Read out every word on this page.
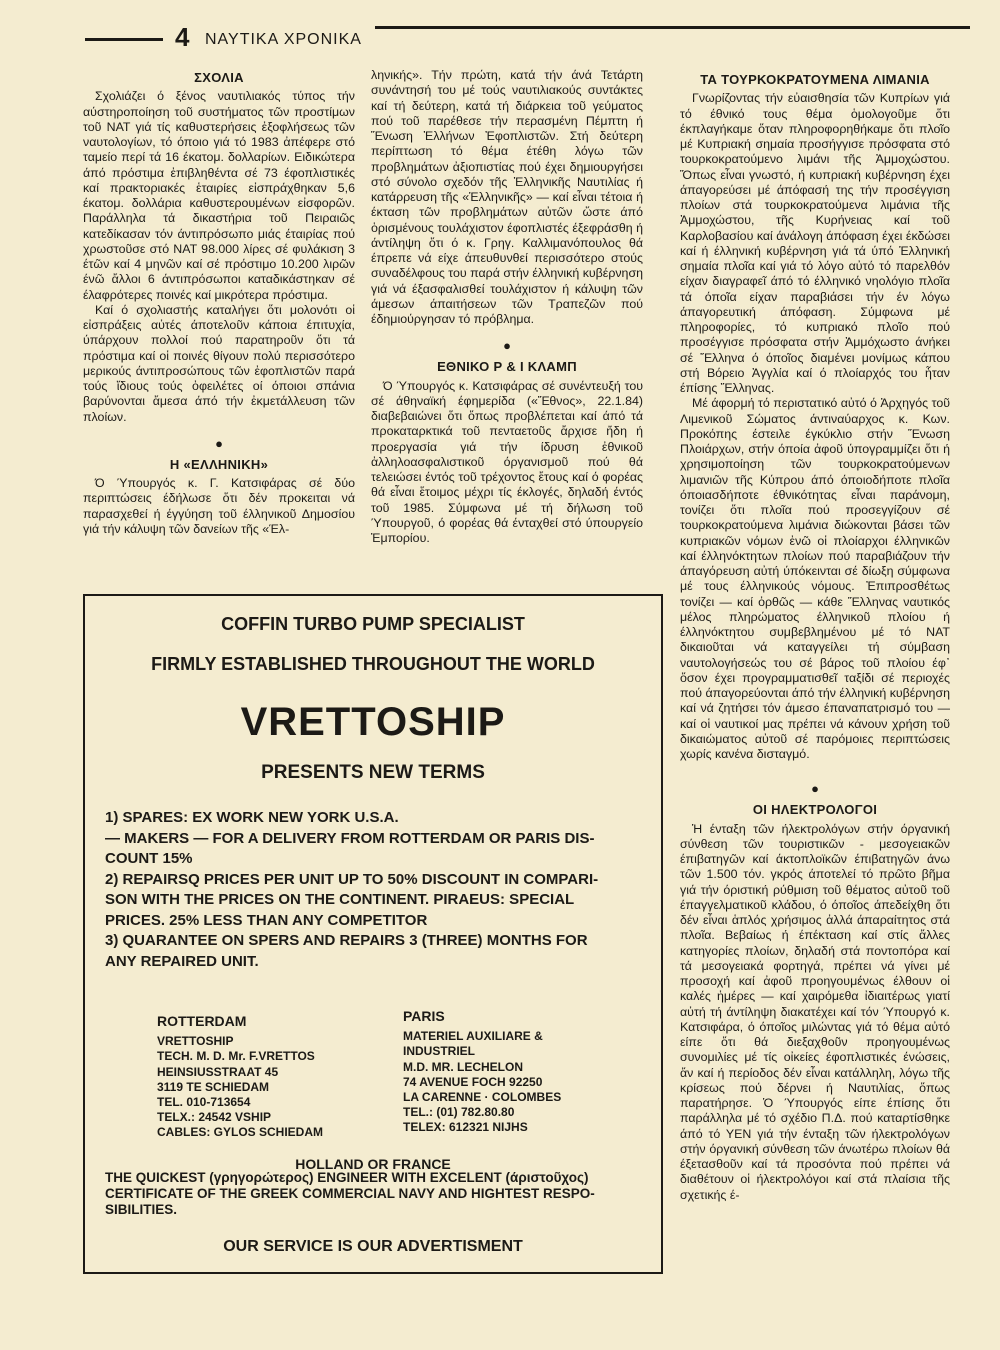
4 ΝΑΥΤΙΚΑ ΧΡΟΝΙΚΑ
ΣΧΟΛΙΑ

Σχολιάζει ό ξένος ναυτιλιακός τύπος τήν αύστηροποίηση τοῦ συστήματος τῶν προστίμων τοῦ ΝΑΤ γιά τίς καθυστερήσεις ἐξοφλήσεως τῶν ναυτολογίων, τό όποιο γιά τό 1983 ἀπέφερε στό ταμείο περί τά 16 έκατομ. δολλαρίων. Ειδικώτερα άπό πρόστιμα ἐπιβληθέντα σέ 73 έφοπλιστικές καί πρακτοριακές ἑταιρίες εἰσπράχθηκαν 5,6 έκατομ. δολλάρια καθυστερουμένων εἰσφορῶν. Παράλληλα τά δικαστήρια τοῦ Πειραιῶς κατεδίκασαν τόν άντιπρόσωπο μιάς έταιρίας πού χρωστοῦσε στό ΝΑΤ 98.000 λίρες σέ φυλάκιση 3 έτῶν καί 4 μηνῶν καί σέ πρόστιμο 10.200 λιρῶν ένῶ ἄλλοι 6 άντιπρόσωποι καταδικάστηκαν σέ έλαφρότερες ποινές καί μικρότερα πρόστιμα.

Καί ό σχολιαστής καταλήγει ὅτι μολονότι οἱ εἰσπράξεις αὐτές άποτελοῦν κάποια έπιτυχία, ύπάρχουν πολλοί πού παρατηροῦν ὅτι τά πρόστιμα καί οἱ ποινές θίγουν πολύ περισσότερο μερικούς άντιπροσώπους τῶν ἐφοπλιστῶν παρά τούς ἴδιους τούς ὀφειλέτες οί όποιοι σπάνια βαρύνονται ἄμεσα άπό τήν ἐκμετάλλευση τῶν πλοίων.

●
Η «ΕΛΛΗΝΙΚΗ»

Ό Ύπουργός κ. Γ. Κατσιφάρας σέ δύο περιπτώσεις έδήλωσε ὅτι δέν προκειται νά παρασχεθεί ή έγγύηση τοῦ έλληνικοῦ Δημοσίου γιά τήν κάλυψη τῶν δανείων τῆς «Έλ-

ληνικής». Τήν πρώτη, κατά τήν άνά Τετάρτη συνάντησή του μέ τούς ναυτιλιακούς συντάκτες καί τή δεύτερη, κατά τή διάρκεια τοῦ γεύματος πού τοῦ παρέθεσε τήν περασμένη Πέμπτη ή Ἕνωση Ἑλλήνων Ἐφοπλιστῶν. Στή δεύτερη περίπτωση τό θέμα έτέθη λόγω τῶν προβλημάτων ἀξιοπιστίας πού έχει δημιουργήσει στό σύνολο σχεδόν τῆς Ἑλληνικῆς Ναυτιλίας ή κατάρρευση τῆς «Ἑλληνικῆς» — καί εἶναι τέτοια ή έκταση τῶν προβλημάτων αὐτῶν ὥστε άπό ὁρισμένους τουλάχιστον έφοπλιστές έξεφράσθη ή άντίληψη ὅτι ό κ. Γρηγ. Καλλιμανόπουλος θά έπρεπε νά είχε άπευθυνθεί περισσότερο στούς συναδέλφους του παρά στήν έλληνική κυβέρνηση γιά νά έξασφαλισθεί τουλάχιστον ή κάλυψη τῶν άμεσων άπαιτήσεων τῶν Τραπεζῶν πού έδημιούργησαν τό πρόβλημα.

●
ΕΘΝΙΚΟ Ρ & Ι ΚΛΑΜΠ

Ό Ύπουργός κ. Κατσιφάρας σέ συνέντευξή του σέ άθηναϊκή έφημερίδα («Ἔθνος», 22.1.84) διαβεβαιώνει ὅτι ὅπως προβλέπεται καί άπό τά προκαταρκτικά τοῦ πενταετοῦς ἄρχισε ἤδη ή προεργασία γιά τήν ίδρυση ἐθνικοῦ ἀλληλοασφαλιστικοῦ όργανισμοῦ πού θά τελειώσει έντός τοῦ τρέχοντος ἔτους καί ό φορέας θά εἶναι ἕτοιμος μέχρι τίς έκλογές, δηλαδή έντός τοῦ 1985. Σύμφωνα μέ τή δήλωση τοῦ Ύπουργοῦ, ό φορέας θά ένταχθεί στό ύπουργείο Ἐμπορίου.

ΤΑ ΤΟΥΡΚΟΚΡΑΤΟΥΜΕΝΑ ΛΙΜΑΝΙΑ

Γνωρίζοντας τήν εὐαισθησία τῶν Κυπρίων γιά τό έθνικό τους θέμα ὁμολογοῦμε ὅτι έκπλαγήκαμε ὅταν πληροφορηθήκαμε ὅτι πλοῖο μέ Κυπριακή σημαία προσήγγισε πρόσφατα στό τουρκοκρατούμενο λιμάνι τῆς Ἀμμοχώστου. Ὅπως εἶναι γνωστό, ή κυπριακή κυβέρνηση έχει άπαγορεύσει μέ άπόφασή της τήν προσέγγιση πλοίων στά τουρκοκρατούμενα λιμάνια τῆς Ἀμμοχώστου, τῆς Κυρήνειας καί τοῦ Καρλοβασίου καί άνάλογη άπόφαση έχει έκδώσει καί ή έλληνική κυβέρνηση γιά τά ύπό Ἑλληνική σημαία πλοῖα καί γιά τό λόγο αὐτό τό παρελθόν είχαν διαγραφεῖ άπό τό έλληνικό νηολόγιο πλοῖα τά όποῖα είχαν παραβιάσει τήν έν λόγω άπαγορευτική άπόφαση. Σύμφωνα μέ πληροφορίες, τό κυπριακό πλοῖο πού προσέγγισε πρόσφατα στήν Ἀμμόχωστο άνήκει σέ Ἕλληνα ό όποῖος διαμένει μονίμως κάπου στή Βόρειο Ἀγγλία καί ό πλοίαρχός του ἦταν έπίσης Ἕλληνας.

Μέ άφορμή τό περιστατικό αὐτό ό Ἀρχηγός τοῦ Λιμενικοῦ Σώματος άντιναύαρχος κ. Κων. Προκόπης έστειλε έγκύκλιο στήν Ἕνωση Πλοιάρχων, στήν όποία ἀφοῦ ύπογραμμίζει ὅτι ή χρησιμοποίηση τῶν τουρκοκρατούμενων λιμανιῶν τῆς Κύπρου άπό όποιοδήποτε πλοῖα όποιασδήποτε έθνικότητας εἶναι παράνομη, τονίζει ὅτι πλοῖα πού προσεγγίζουν σέ τουρκοκρατούμενα λιμάνια διώκονται βάσει τῶν κυπριακῶν νόμων ἐνῶ οἱ πλοίαρχοι έλληνικῶν καί έλληνόκτητων πλοίων πού παραβιάζουν τήν άπαγόρευση αὐτή ύπόκεινται σέ δίωξη σύμφωνα μέ τους έλληνικούς νόμους. Ἐπιπροσθέτως τονίζει — καί ὀρθῶς — κάθε Ἕλληνας ναυτικός μέλος πληρώματος έλληνικοῦ πλοίου ή έλληνόκτητου συμβεβλημένου μέ τό ΝΑΤ δικαιοῦται νά καταγγείλει τή σύμβαση ναυτολογήσεώς του σέ βάρος τοῦ πλοίου έφ᾽ ὅσον έχει προγραμματισθεῖ ταξίδι σέ περιοχές πού άπαγορεύονται άπό τήν έλληνική κυβέρνηση καί νά ζητήσει τόν άμεσο έπαναπατρισμό του — καί οἱ ναυτικοί μας πρέπει νά κάνουν χρήση τοῦ δικαιώματος αὐτοῦ σέ παρόμοιες περιπτώσεις χωρίς κανένα δισταγμό.

●
ΟΙ ΗΛΕΚΤΡΟΛΟΓΟΙ

Ἡ ένταξη τῶν ήλεκτρολόγων στήν όργανική σύνθεση τῶν τουριστικῶν - μεσογειακῶν έπιβατηγῶν καί άκτοπλοϊκῶν έπιβατηγῶν άνω τῶν 1.500 τόν. γκρός άποτελεί τό πρῶτο βῆμα γιά τήν όριστική ρύθμιση τοῦ θέματος αὐτοῦ τοῦ έπαγγελματικοῦ κλάδου, ό όποῖος άπεδείχθη ὅτι δέν εἶναι ἁπλός χρήσιμος ἀλλά άπαραίτητος στά πλοῖα. Βεβαίως ή έπέκταση καί στίς ἄλλες κατηγορίες πλοίων, δηλαδή στά ποντοπόρα καί τά μεσογειακά φορτηγά, πρέπει νά γίνει μέ προσοχή καί ἀφοῦ προηγουμένως έλθουν οἱ καλές ἡμέρες — καί χαιρόμεθα ἰδιαιτέρως γιατί αὐτή τή άντίληψη διακατέχει καί τόν Ύπουργό κ. Κατσιφάρα, ό όποῖος μιλώντας γιά τό θέμα αὐτό είπε ὅτι θά διεξαχθοῦν προηγουμένως συνομιλίες μέ τίς οἰκείες έφοπλιστικές ένώσεις, ἄν καί ή περίοδος δέν εἶναι κατάλληλη, λόγω τῆς κρίσεως πού δέρνει ή Ναυτιλίας, ὅπως παρατήρησε. Ὁ Ύπουργός είπε έπίσης ὅτι παράλληλα μέ τό σχέδιο Π.Δ. πού καταρτίσθηκε άπό τό ΥΕΝ γιά τήν ένταξη τῶν ήλεκτρολόγων στήν όργανική σύνθεση τῶν άνωτέρω πλοίων θά έξετασθοῦν καί τά προσόντα πού πρέπει νά διαθέτουν οἱ ήλεκτρολόγοι καί στά πλαίσια τῆς σχετικής έ-

COFFIN TURBO PUMP SPECIALIST
FIRMLY ESTABLISHED THROUGHOUT THE WORLD
VRETTOSHIP
PRESENTS NEW TERMS
1) SPARES: EX WORK NEW YORK U.S.A.
— MAKERS — FOR A DELIVERY FROM ROTTERDAM OR PARIS DIS-
COUNT 15%
2) REPAIRSQ PRICES PER UNIT UP TO 50% DISCOUNT IN COMPARI-
SON WITH THE PRICES ON THE CONTINENT. PIRAEUS: SPECIAL
PRICES. 25% LESS THAN ANY COMPETITOR
3) QUARANTEE ON SPERS AND REPAIRS 3 (THREE) MONTHS FOR
ANY REPAIRED UNIT.
ROTTERDAM
VRETTOSHIP
TECH. M. D. Mr. F.VRETTOS
HEINSIUSSTRAAT 45
3119 TE SCHIEDAM
TEL. 010-713654
TELX.: 24542 VSHIP
CABLES: GYLOS SCHIEDAM
PARIS
MATERIEL AUXILIARE &
INDUSTRIEL
M.D. MR. LECHELON
74 AVENUE FOCH 92250
LA CARENNE · COLOMBES
TEL.: (01) 782.80.80
TELEX: 612321 NIJHS
HOLLAND OR FRANCE
THE QUICKEST (γρηγορώτερος) ENGINEER WITH EXCELENT (άριστοῦχος)
CERTIFICATE OF THE GREEK COMMERCIAL NAVY AND HIGHTEST RESPO-
SIBILITIES.
OUR SERVICE IS OUR ADVERTISMENT
